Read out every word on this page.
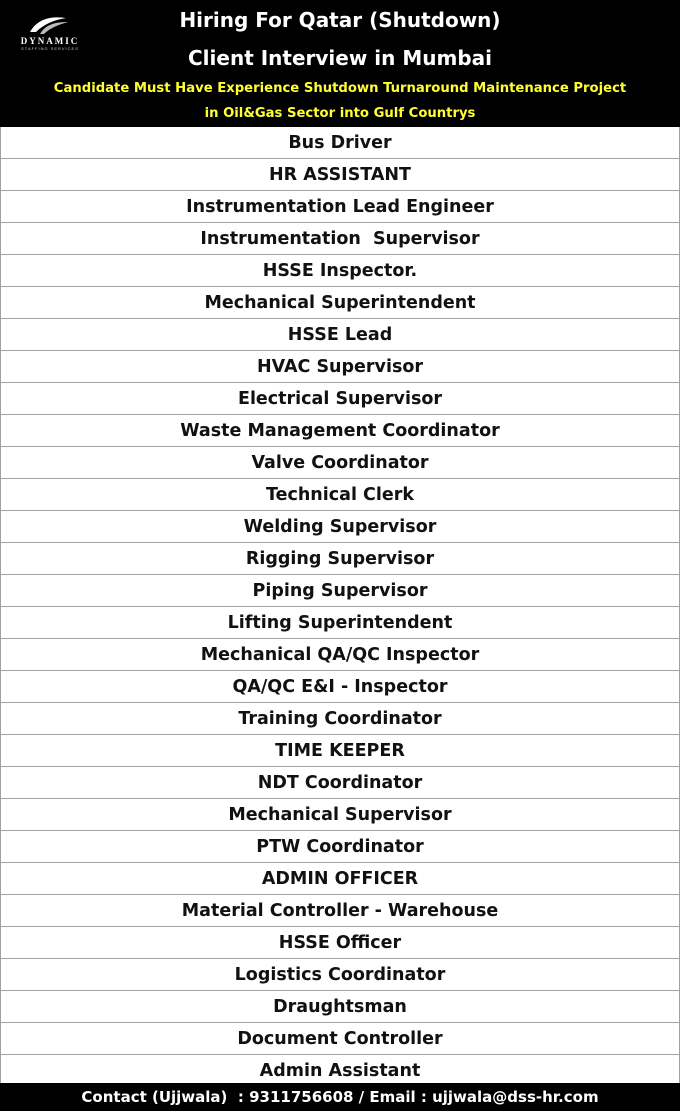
DYNAMIC
STAFFING SERVICES
Hiring For Qatar (Shutdown)
Client Interview in Mumbai
Candidate Must Have Experience Shutdown Turnaround Maintenance Project
in Oil&Gas Sector into Gulf Countrys
Bus Driver
HR ASSISTANT
Instrumentation Lead Engineer
Instrumentation  Supervisor
HSSE Inspector.
Mechanical Superintendent
HSSE Lead
HVAC Supervisor
Electrical Supervisor
Waste Management Coordinator
Valve Coordinator
Technical Clerk
Welding Supervisor
Rigging Supervisor
Piping Supervisor
Lifting Superintendent
Mechanical QA/QC Inspector
QA/QC E&I - Inspector
Training Coordinator
TIME KEEPER
NDT Coordinator
Mechanical Supervisor
PTW Coordinator
ADMIN OFFICER
Material Controller - Warehouse
HSSE Officer
Logistics Coordinator
Draughtsman
Document Controller
Admin Assistant
Contact (Ujjwala)  : 9311756608 / Email : ujjwala@dss-hr.com
